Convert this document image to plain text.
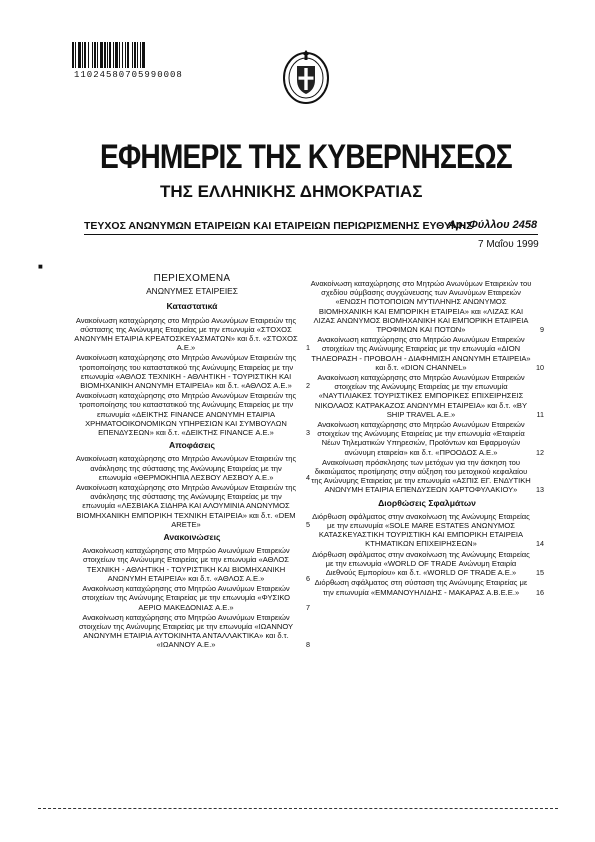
11024580705990008
ΕΦΗΜΕΡΙΣ ΤΗΣ ΚΥΒΕΡΝΗΣΕΩΣ
ΤΗΣ ΕΛΛΗΝΙΚΗΣ ΔΗΜΟΚΡΑΤΙΑΣ
ΤΕΥΧΟΣ ΑΝΩΝΥΜΩΝ ΕΤΑΙΡΕΙΩΝ ΚΑΙ ΕΤΑΙΡΕΙΩΝ ΠΕΡΙΩΡΙΣΜΕΝΗΣ ΕΥΘΥΝΗΣ
Αρ. Φύλλου 2458
7 Μαΐου 1999
■
ΠΕΡΙΕΧΟΜΕΝΑ
ΑΝΩΝΥΜΕΣ ΕΤΑΙΡΕΙΕΣ
Καταστατικά
Ανακοίνωση καταχώρησης στο Μητρώο Ανωνύμων Εταιρειών της σύστασης της Ανώνυμης Εταιρείας με την επωνυμία «ΣΤΟΧΟΣ ΑΝΩΝΥΜΗ ΕΤΑΙΡΙΑ ΚΡΕΑΤΟΣΚΕΥΑΣΜΑΤΩΝ» και δ.τ. «ΣΤΟΧΟΣ Α.Ε.»	1
Ανακοίνωση καταχώρησης στο Μητρώο Ανωνύμων Εταιρειών της τροποποίησης του καταστατικού της Ανώνυμης Εταιρείας με την επωνυμία «ΑΘΛΟΣ ΤΕΧΝΙΚΗ - ΑΘΛΗΤΙΚΗ - ΤΟΥΡΙΣΤΙΚΗ ΚΑΙ ΒΙΟΜΗΧΑΝΙΚΗ ΑΝΩΝΥΜΗ ΕΤΑΙΡΕΙΑ» και δ.τ. «ΑΘΛΟΣ Α.Ε.» 2
Ανακοίνωση καταχώρησης στο Μητρώο Ανωνύμων Εταιρειών της τροποποίησης του καταστατικού της Ανώνυμης Εταιρείας με την επωνυμία «ΔΕΙΚΤΗΣ FINANCE ΑΝΩΝΥΜΗ ΕΤΑΙΡΙΑ ΧΡΗΜΑΤΟΟΙΚΟΝΟΜΙΚΩΝ ΥΠΗΡΕΣΙΩΝ ΚΑΙ ΣΥΜΒΟΥΛΩΝ ΕΠΕΝΔΥΣΕΩΝ» και δ.τ. «ΔΕΙΚΤΗΣ FINANCE Α.Ε.»	3
Αποφάσεις
Ανακοίνωση καταχώρησης στο Μητρώο Ανωνύμων Εταιρειών της ανάκλησης της σύστασης της Ανώνυμης Εταιρείας με την επωνυμία «ΘΕΡΜΟΚΗΠΙΑ ΛΕΣΒΟΥ ΛΕΣΒΟΥ Α.Ε.»	4
Ανακοίνωση καταχώρησης στο Μητρώο Ανωνύμων Εταιρειών της ανάκλησης της σύστασης της Ανώνυμης Εταιρείας με την επωνυμία «ΛΕΣΒΙΑΚΑ ΣΙΔΗΡΑ ΚΑΙ ΑΛΟΥΜΙΝΙΑ ΑΝΩΝΥΜΟΣ ΒΙΟΜΗΧΑΝΙΚΗ ΕΜΠΟΡΙΚΗ ΤΕΧΝΙΚΗ ΕΤΑΙΡΕΙΑ» και δ.τ. «DEM ARETE»	5
Ανακοινώσεις
Ανακοίνωση καταχώρησης στο Μητρώο Ανωνύμων Εταιρειών στοιχείων της Ανώνυμης Εταιρείας με την επωνυμία «ΑΘΛΟΣ ΤΕΧΝΙΚΗ - ΑΘΛΗΤΙΚΗ - ΤΟΥΡΙΣΤΙΚΗ ΚΑΙ ΒΙΟΜΗΧΑΝΙΚΗ ΑΝΩΝΥΜΗ ΕΤΑΙΡΕΙΑ» και δ.τ. «ΑΘΛΟΣ Α.Ε.»	6
Ανακοίνωση καταχώρησης στο Μητρώο Ανωνύμων Εταιρειών στοιχείων της Ανώνυμης Εταιρείας με την επωνυμία «ΦΥΣΙΚΟ ΑΕΡΙΟ ΜΑΚΕΔΟΝΙΑΣ Α.Ε.»	7
Ανακοίνωση καταχώρησης στο Μητρώο Ανωνύμων Εταιρειών στοιχείων της Ανώνυμης Εταιρείας με την επωνυμία «ΙΩΑΝΝΟΥ ΑΝΩΝΥΜΗ ΕΤΑΙΡΙΑ ΑΥΤΟΚΙΝΗΤΑ ΑΝΤΑΛΛΑΚΤΙΚΑ» και δ.τ. «ΙΩΑΝΝΟΥ Α.Ε.»	8
Ανακοίνωση καταχώρησης στο Μητρώο Ανωνύμων Εταιρειών του σχεδίου σύμβασης συγχώνευσης των Ανωνύμων Εταιρειών «ΕΝΩΣΗ ΠΟΤΟΠΟΙΩΝ ΜΥΤΙΛΗΝΗΣ ΑΝΩΝΥΜΟΣ ΒΙΟΜΗΧΑΝΙΚΗ ΚΑΙ ΕΜΠΟΡΙΚΗ ΕΤΑΙΡΕΙΑ» και «ΛΙΖΑΣ ΚΑΙ ΛΙΖΑΣ ΑΝΩΝΥΜΟΣ ΒΙΟΜΗΧΑΝΙΚΗ ΚΑΙ ΕΜΠΟΡΙΚΗ ΕΤΑΙΡΕΙΑ ΤΡΟΦΙΜΩΝ ΚΑΙ ΠΟΤΩΝ»	9
Ανακοίνωση καταχώρησης στο Μητρώο Ανωνύμων Εταιρειών στοιχείων της Ανώνυμης Εταιρείας με την επωνυμία «ΔΙΟΝ ΤΗΛΕΟΡΑΣΗ - ΠΡΟΒΟΛΗ - ΔΙΑΦΗΜΙΣΗ ΑΝΩΝΥΜΗ ΕΤΑΙΡΕΙΑ» και δ.τ. «DION CHANNEL»	10
Ανακοίνωση καταχώρησης στο Μητρώο Ανωνύμων Εταιρειών στοιχείων της Ανώνυμης Εταιρείας με την επωνυμία «ΝΑΥΤΙΛΙΑΚΕΣ ΤΟΥΡΙΣΤΙΚΕΣ ΕΜΠΟΡΙΚΕΣ ΕΠΙΧΕΙΡΗΣΕΙΣ ΝΙΚΟΛΑΟΣ ΚΑΤΡΑΚΑΖΟΣ ΑΝΩΝΥΜΗ ΕΤΑΙΡΕΙΑ» και δ.τ. «BY SHIP TRAVEL A.E.»	11
Ανακοίνωση καταχώρησης στο Μητρώο Ανωνύμων Εταιρειών στοιχείων της Ανώνυμης Εταιρείας με την επωνυμία «Εταιρεία Νέων Τηλεματικών Υπηρεσιών, Προϊόντων και Εφαρμογών ανώνυμη εταιρεία» και δ.τ. «ΠΡΟΟΔΟΣ Α.Ε.»	12
Ανακοίνωση πρόσκλησης των μετόχων για την άσκηση του δικαιώματος προτίμησης στην αύξηση του μετοχικού κεφαλαίου της Ανώνυμης Εταιρείας με την επωνυμία «ΑΣΠΙΣ ΕΓ. ΕΝΔΥΤΙΚΗ ΑΝΩΝΥΜΗ ΕΤΑΙΡΙΑ ΕΠΕΝΔΥΣΕΩΝ ΧΑΡΤΟΦΥΛΑΚΙΟΥ»	13
Διορθώσεις Σφαλμάτων
Διόρθωση σφάλματος στην ανακοίνωση της Ανώνυμης Εταιρείας με την επωνυμία «SOLE MARE ESTATES ΑΝΩΝΥΜΟΣ ΚΑΤΑΣΚΕΥΑΣΤΙΚΗ ΤΟΥΡΙΣΤΙΚΗ ΚΑΙ ΕΜΠΟΡΙΚΗ ΕΤΑΙΡΕΙΑ ΚΤΗΜΑΤΙΚΩΝ ΕΠΙΧΕΙΡΗΣΕΩΝ»	14
Διόρθωση σφάλματος στην ανακοίνωση της Ανώνυμης Εταιρείας με την επωνυμία «WORLD OF TRADE Ανώνυμη Εταιρία Διεθνούς Εμπορίου» και δ.τ. «WORLD OF TRADE A.E.»	15
Διόρθωση σφάλματος στη σύσταση της Ανώνυμης Εταιρείας με την επωνυμία «ΕΜΜΑΝΟΥΗΛΙΔΗΣ - ΜΑΚΑΡΑΣ Α.Β.Ε.Ε.» 16
